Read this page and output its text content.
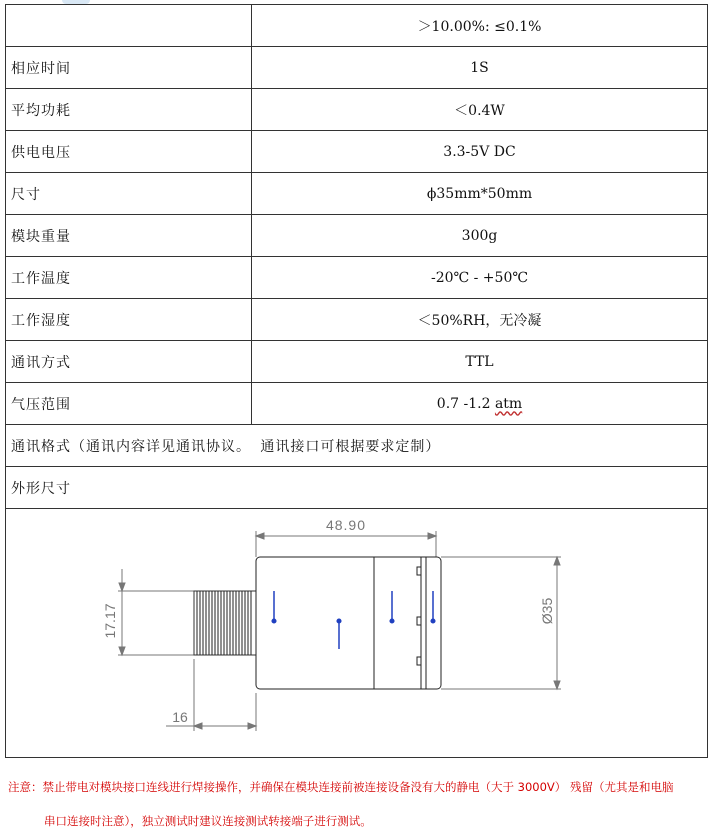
	＞10.00%: ≤0.1%
相应时间	1S
平均功耗	＜0.4W
供电电压	3.3-5V DC
尺寸	ϕ35mm*50mm
模块重量	300g
工作温度	-20℃ - +50℃
工作湿度	＜50%RH，无冷凝
通讯方式	TTL
气压范围	0.7 -1.2 atm
通讯格式（通讯内容详见通讯协议。 通讯接口可根据要求定制）	
外形尺寸	

48.90
Ø35
17.17
16	
注意：禁止带电对模块接口连线进行焊接操作，并确保在模块连接前被连接设备没有大的静电（大于 3000V） 残留（尤其是和电脑
串口连接时注意），独立测试时建议连接测试转接端子进行测试。
